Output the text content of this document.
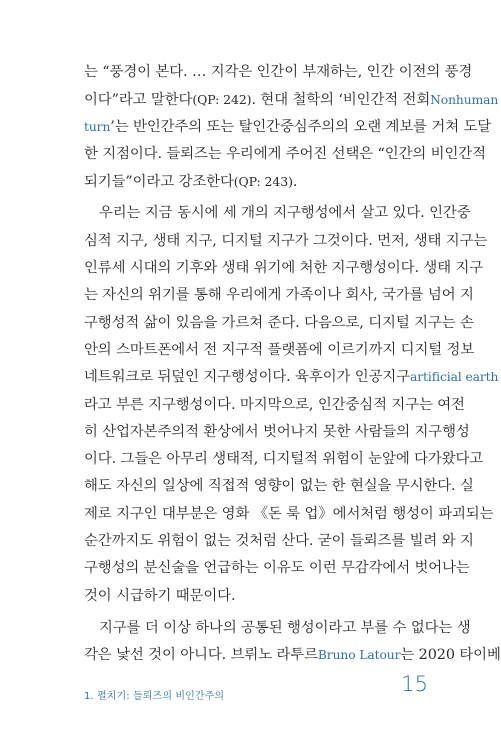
는 “풍경이 본다. … 지각은 인간이 부재하는, 인간 이전의 풍경
이다”라고 말한다(QP: 242). 현대 철학의 ‘비인간적 전회Nonhuman
turn’는 반인간주의 또는 탈인간중심주의의 오랜 계보를 거쳐 도달
한 지점이다. 들뢰즈는 우리에게 주어진 선택은 “인간의 비인간적
되기들”이라고 강조한다(QP: 243).
우리는 지금 동시에 세 개의 지구행성에서 살고 있다. 인간중
심적 지구, 생태 지구, 디지털 지구가 그것이다. 먼저, 생태 지구는
인류세 시대의 기후와 생태 위기에 처한 지구행성이다. 생태 지구
는 자신의 위기를 통해 우리에게 가족이나 회사, 국가를 넘어 지
구행성적 삶이 있음을 가르쳐 준다. 다음으로, 디지털 지구는 손
안의 스마트폰에서 전 지구적 플랫폼에 이르기까지 디지털 정보
네트워크로 뒤덮인 지구행성이다. 육후이가 인공지구artificial earth
라고 부른 지구행성이다. 마지막으로, 인간중심적 지구는 여전
히 산업자본주의적 환상에서 벗어나지 못한 사람들의 지구행성
이다. 그들은 아무리 생태적, 디지털적 위험이 눈앞에 다가왔다고
해도 자신의 일상에 직접적 영향이 없는 한 현실을 무시한다. 실
제로 지구인 대부분은 영화 《돈 룩 업》에서처럼 행성이 파괴되는
순간까지도 위험이 없는 것처럼 산다. 굳이 들뢰즈를 빌려 와 지
구행성의 분신술을 언급하는 이유도 이런 무감각에서 벗어나는
것이 시급하기 때문이다.
지구를 더 이상 하나의 공통된 행성이라고 부를 수 없다는 생
각은 낯선 것이 아니다. 브뤼노 라투르Bruno Latour는 2020 타이베
1. 펼치기: 들뢰즈의 비인간주의
15
